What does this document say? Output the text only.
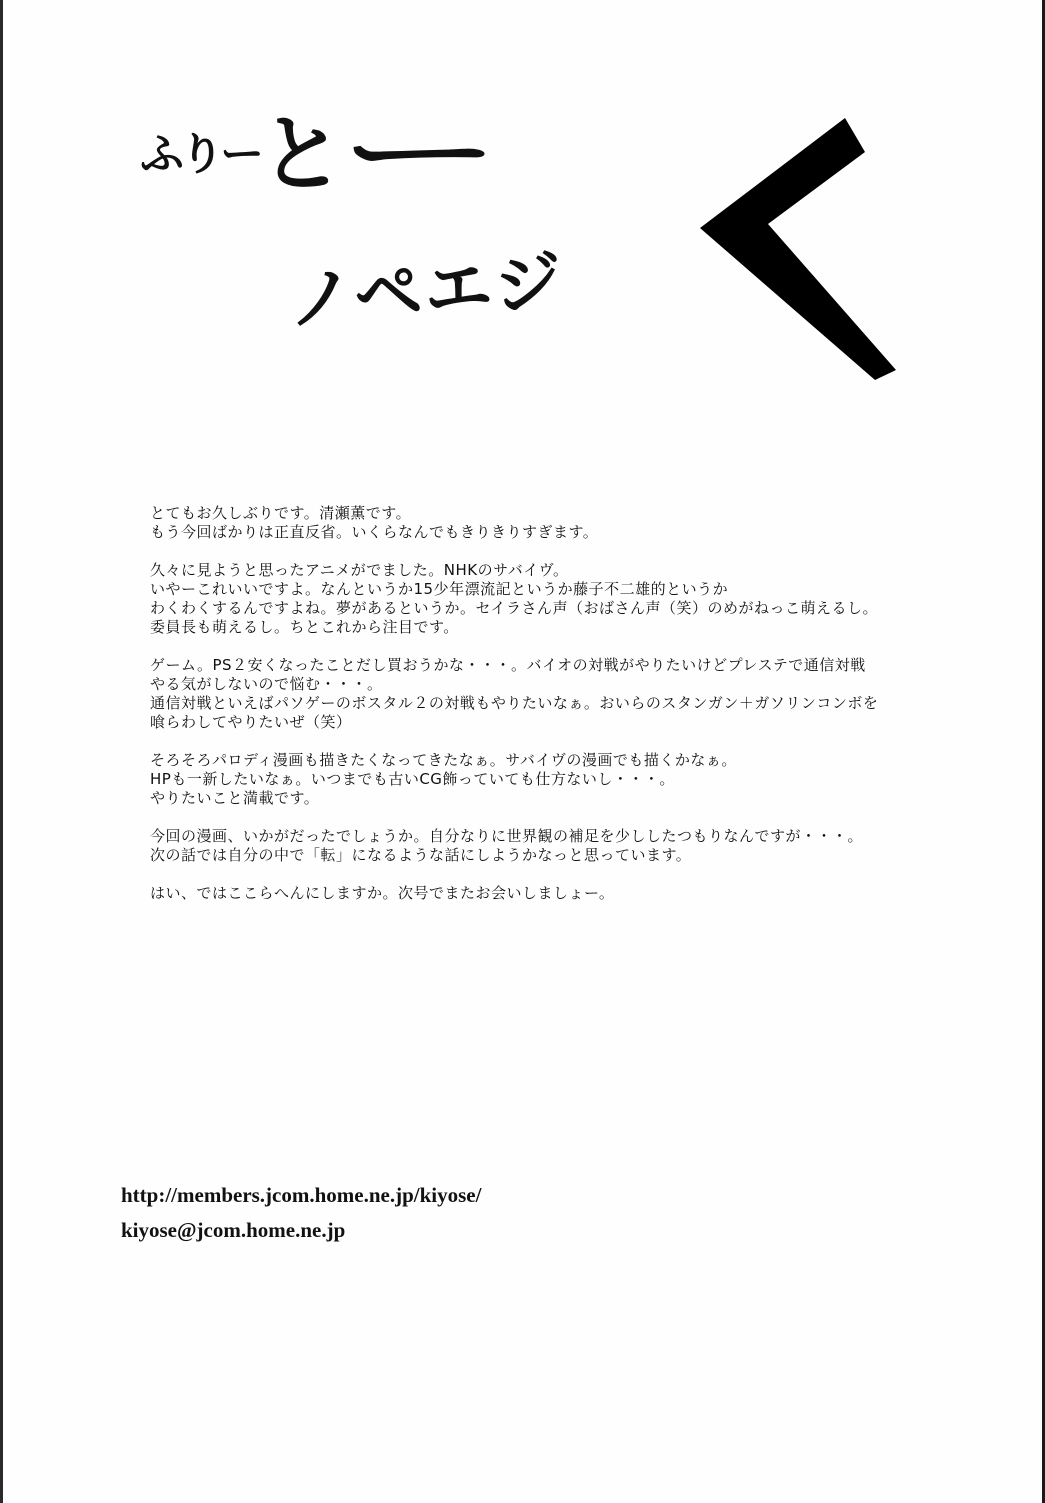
ふりーとー
ノペエジ

とてもお久しぶりです。清瀬薫です。
もう今回ばかりは正直反省。いくらなんでもきりきりすぎます。

久々に見ようと思ったアニメがでました。NHKのサバイヴ。
いやーこれいいですよ。なんというか15少年漂流記というか藤子不二雄的というか
わくわくするんですよね。夢があるというか。セイラさん声（おばさん声（笑）のめがねっこ萌えるし。
委員長も萌えるし。ちとこれから注目です。

ゲーム。PS２安くなったことだし買おうかな・・・。バイオの対戦がやりたいけどプレステで通信対戦
やる気がしないので悩む・・・。
通信対戦といえばパソゲーのボスタル２の対戦もやりたいなぁ。おいらのスタンガン＋ガソリンコンボを
喰らわしてやりたいぜ（笑）

そろそろパロディ漫画も描きたくなってきたなぁ。サバイヴの漫画でも描くかなぁ。
HPも一新したいなぁ。いつまでも古いCG飾っていても仕方ないし・・・。
やりたいこと満載です。

今回の漫画、いかがだったでしょうか。自分なりに世界観の補足を少ししたつもりなんですが・・・。
次の話では自分の中で「転」になるような話にしようかなっと思っています。

はい、ではここらへんにしますか。次号でまたお会いしましょー。

http://members.jcom.home.ne.jp/kiyose/
kiyose@jcom.home.ne.jp
